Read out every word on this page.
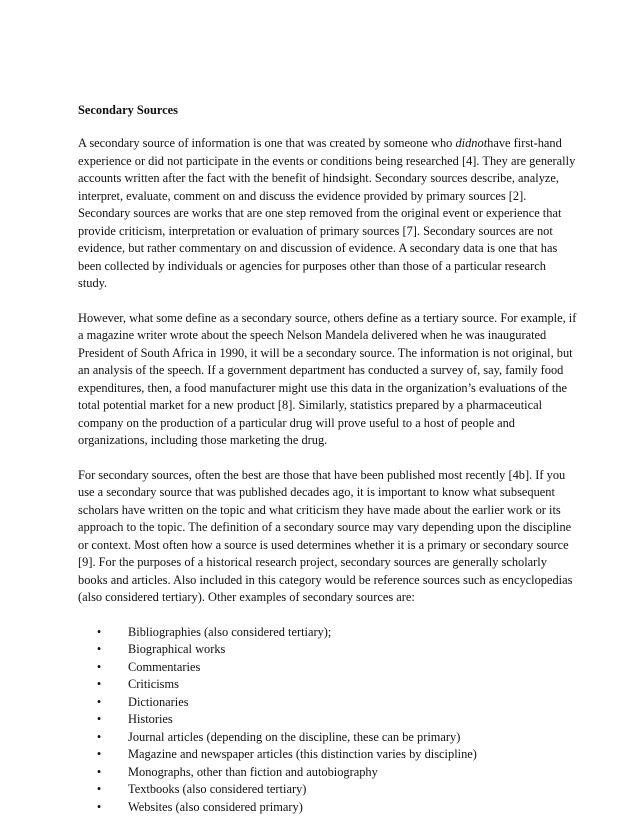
Secondary Sources

A secondary source of information is one that was created by someone who didnothave first-hand experience or did not participate in the events or conditions being researched [4]. They are generally accounts written after the fact with the benefit of hindsight. Secondary sources describe, analyze, interpret, evaluate, comment on and discuss the evidence provided by primary sources [2]. Secondary sources are works that are one step removed from the original event or experience that provide criticism, interpretation or evaluation of primary sources [7]. Secondary sources are not evidence, but rather commentary on and discussion of evidence. A secondary data is one that has been collected by individuals or agencies for purposes other than those of a particular research study.

However, what some define as a secondary source, others define as a tertiary source. For example, if a magazine writer wrote about the speech Nelson Mandela delivered when he was inaugurated President of South Africa in 1990, it will be a secondary source. The information is not original, but an analysis of the speech. If a government department has conducted a survey of, say, family food expenditures, then, a food manufacturer might use this data in the organization’s evaluations of the total potential market for a new product [8]. Similarly, statistics prepared by a pharmaceutical company on the production of a particular drug will prove useful to a host of people and organizations, including those marketing the drug.

For secondary sources, often the best are those that have been published most recently [4b]. If you use a secondary source that was published decades ago, it is important to know what subsequent scholars have written on the topic and what criticism they have made about the earlier work or its approach to the topic. The definition of a secondary source may vary depending upon the discipline or context. Most often how a source is used determines whether it is a primary or secondary source [9]. For the purposes of a historical research project, secondary sources are generally scholarly books and articles. Also included in this category would be reference sources such as encyclopedias (also considered tertiary). Other examples of secondary sources are:

•
Bibliographies (also considered tertiary);
•
Biographical works
•
Commentaries
•
Criticisms
•
Dictionaries
•
Histories
•
Journal articles (depending on the discipline, these can be primary)
•
Magazine and newspaper articles (this distinction varies by discipline)
•
Monographs, other than fiction and autobiography
•
Textbooks (also considered tertiary)
•
Websites (also considered primary)
